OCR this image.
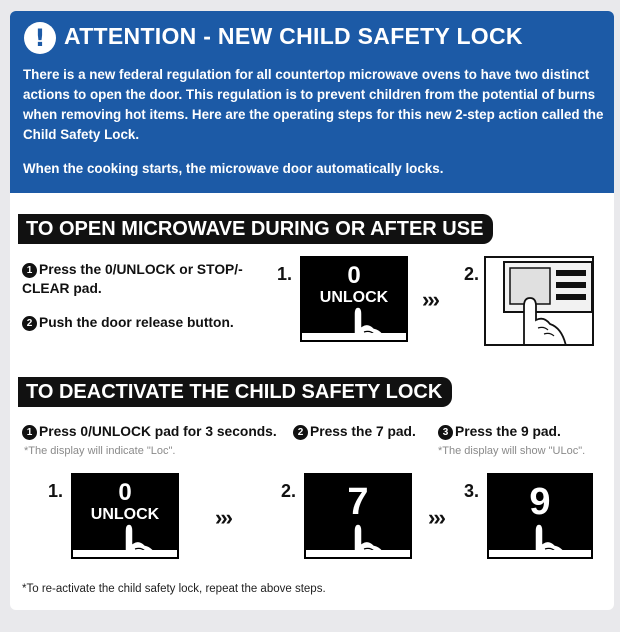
! ATTENTION - NEW CHILD SAFETY LOCK
There is a new federal regulation for all countertop microwave ovens to have two distinct actions to open the door. This regulation is to prevent children from the potential of burns when removing hot items. Here are the operating steps for this new 2-step action called the Child Safety Lock.
When the cooking starts, the microwave door automatically locks.
TO OPEN MICROWAVE DURING OR AFTER USE
1 Press the 0/UNLOCK or STOP/-CLEAR pad.
2 Push the door release button.
1.	0
UNLOCK	›››
2.
TO DEACTIVATE THE CHILD SAFETY LOCK
1 Press 0/UNLOCK pad for 3 seconds.
*The display will indicate "Loc".
2 Press the 7 pad.	3 Press the 9 pad.
*The display will show "ULoc".
1.	0
UNLOCK	›››
2.	7	›››
3.	9
*To re-activate the child safety lock, repeat the above steps.
